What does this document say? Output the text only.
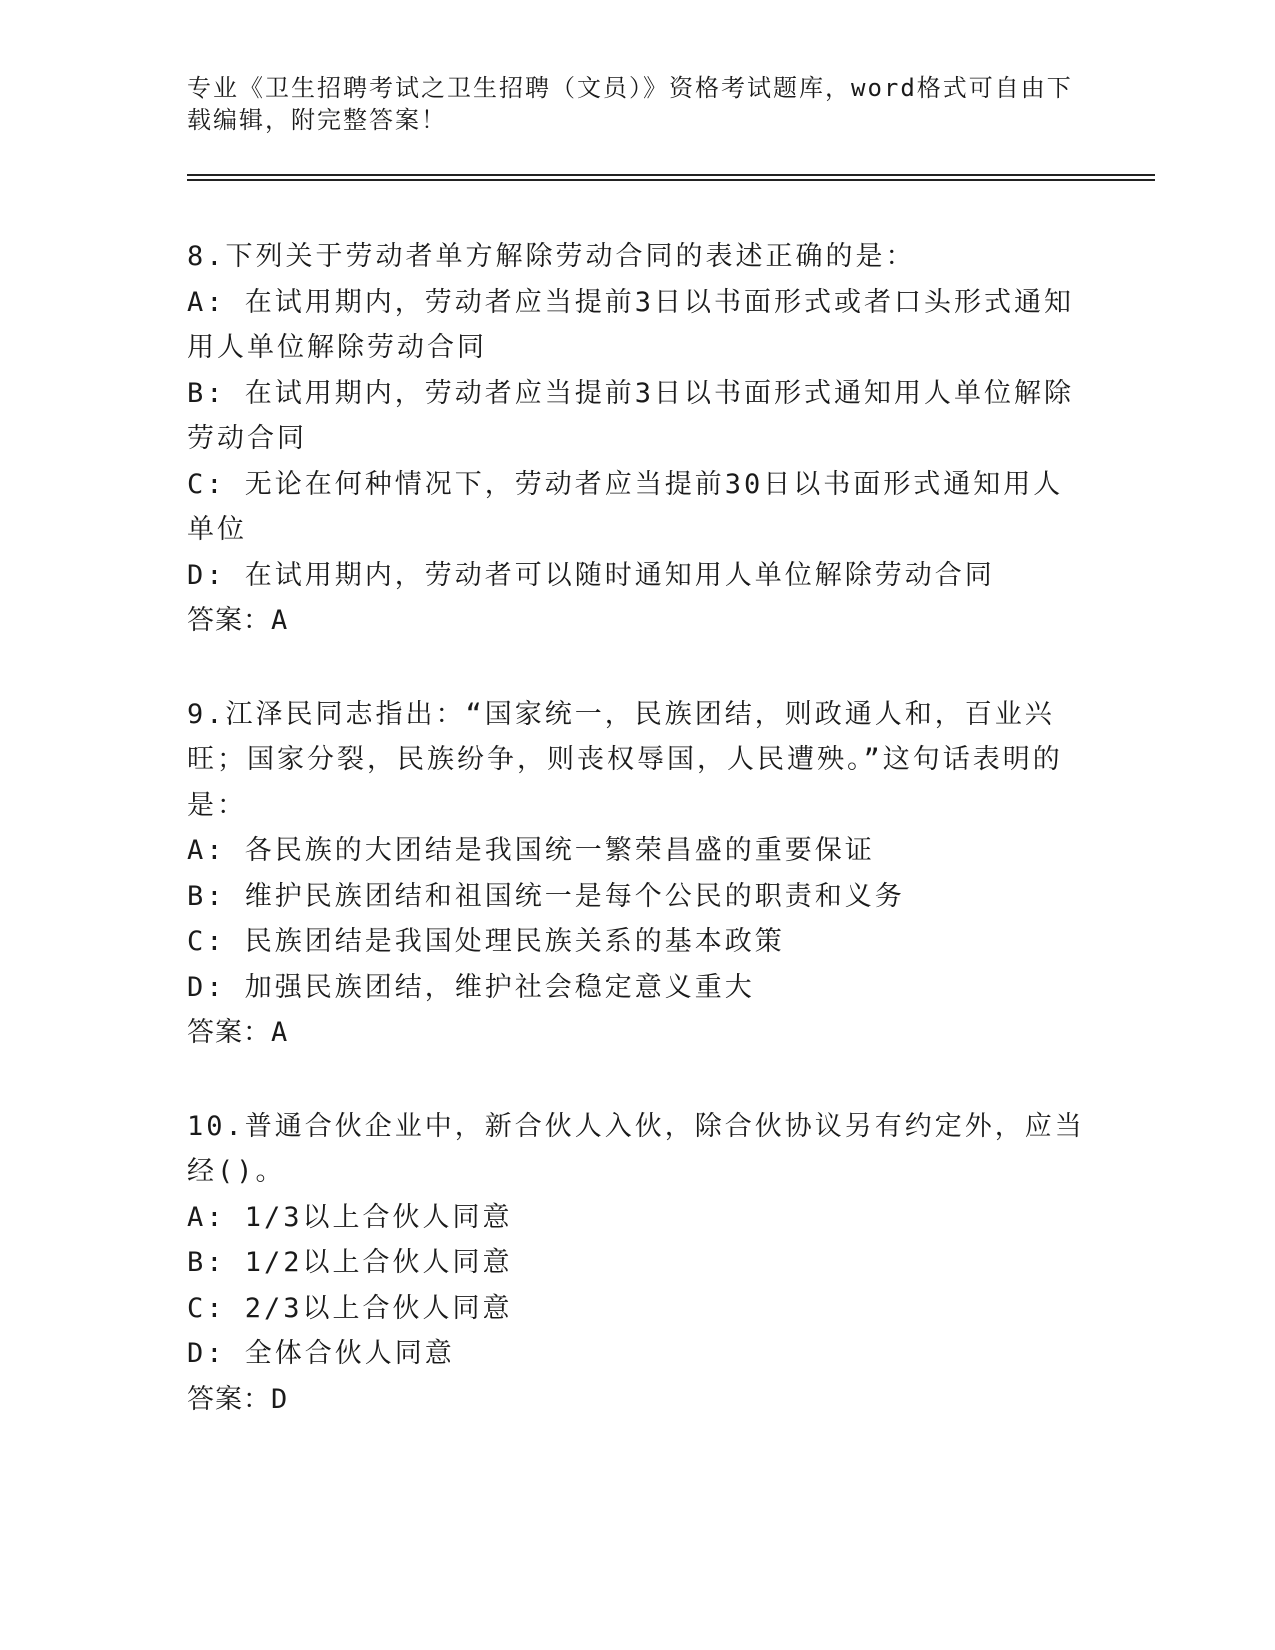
专业《卫生招聘考试之卫生招聘（文员）》资格考试题库，word格式可自由下载编辑，附完整答案！
8.下列关于劳动者单方解除劳动合同的表述正确的是：
A: 在试用期内，劳动者应当提前3日以书面形式或者口头形式通知用人单位解除劳动合同
B: 在试用期内，劳动者应当提前3日以书面形式通知用人单位解除劳动合同
C: 无论在何种情况下，劳动者应当提前30日以书面形式通知用人单位
D: 在试用期内，劳动者可以随时通知用人单位解除劳动合同
答案：A
9.江泽民同志指出：“国家统一，民族团结，则政通人和，百业兴旺；国家分裂，民族纷争，则丧权辱国，人民遭殃。”这句话表明的是：
A: 各民族的大团结是我国统一繁荣昌盛的重要保证
B: 维护民族团结和祖国统一是每个公民的职责和义务
C: 民族团结是我国处理民族关系的基本政策
D: 加强民族团结，维护社会稳定意义重大
答案：A
10.普通合伙企业中，新合伙人入伙，除合伙协议另有约定外，应当经()。
A: 1/3以上合伙人同意
B: 1/2以上合伙人同意
C: 2/3以上合伙人同意
D: 全体合伙人同意
答案：D
